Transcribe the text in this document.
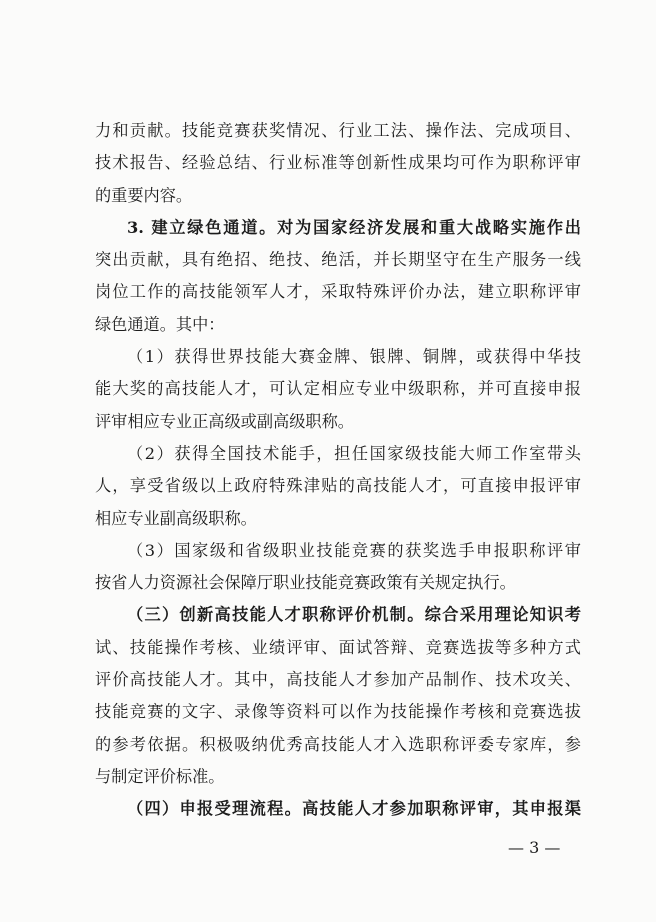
力和贡献。技能竞赛获奖情况、行业工法、操作法、完成项目、
技术报告、经验总结、行业标准等创新性成果均可作为职称评审
的重要内容。
3. 建立绿色通道。对为国家经济发展和重大战略实施作出
突出贡献，具有绝招、绝技、绝活，并长期坚守在生产服务一线
岗位工作的高技能领军人才，采取特殊评价办法，建立职称评审
绿色通道。其中：
（1）获得世界技能大赛金牌、银牌、铜牌，或获得中华技
能大奖的高技能人才，可认定相应专业中级职称，并可直接申报
评审相应专业正高级或副高级职称。
（2）获得全国技术能手，担任国家级技能大师工作室带头
人，享受省级以上政府特殊津贴的高技能人才，可直接申报评审
相应专业副高级职称。
（3）国家级和省级职业技能竞赛的获奖选手申报职称评审
按省人力资源社会保障厅职业技能竞赛政策有关规定执行。
（三）创新高技能人才职称评价机制。综合采用理论知识考
试、技能操作考核、业绩评审、面试答辩、竞赛选拔等多种方式
评价高技能人才。其中，高技能人才参加产品制作、技术攻关、
技能竞赛的文字、录像等资料可以作为技能操作考核和竞赛选拔
的参考依据。积极吸纳优秀高技能人才入选职称评委专家库，参
与制定评价标准。
（四）申报受理流程。高技能人才参加职称评审，其申报渠
— 3 —
